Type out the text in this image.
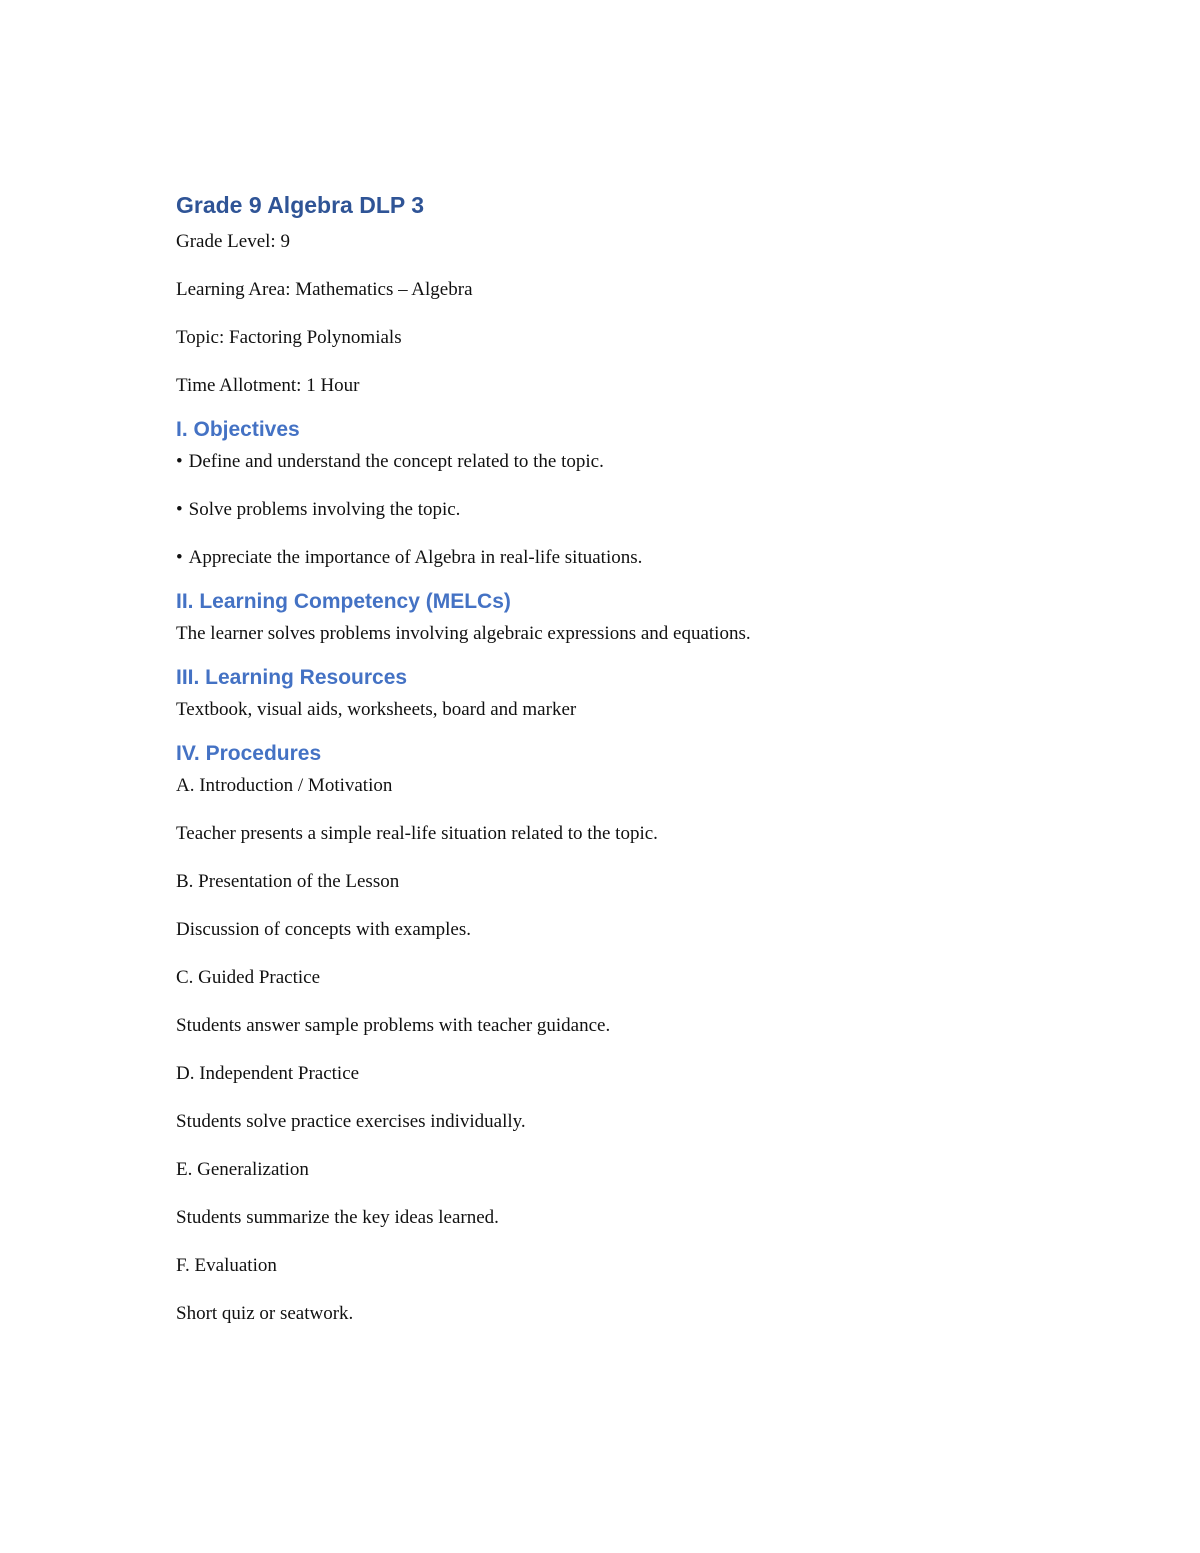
Grade 9 Algebra DLP 3
Grade Level: 9
Learning Area: Mathematics – Algebra
Topic: Factoring Polynomials
Time Allotment: 1 Hour
I. Objectives
• Define and understand the concept related to the topic.
• Solve problems involving the topic.
• Appreciate the importance of Algebra in real-life situations.
II. Learning Competency (MELCs)
The learner solves problems involving algebraic expressions and equations.
III. Learning Resources
Textbook, visual aids, worksheets, board and marker
IV. Procedures
A. Introduction / Motivation
Teacher presents a simple real-life situation related to the topic.
B. Presentation of the Lesson
Discussion of concepts with examples.
C. Guided Practice
Students answer sample problems with teacher guidance.
D. Independent Practice
Students solve practice exercises individually.
E. Generalization
Students summarize the key ideas learned.
F. Evaluation
Short quiz or seatwork.
